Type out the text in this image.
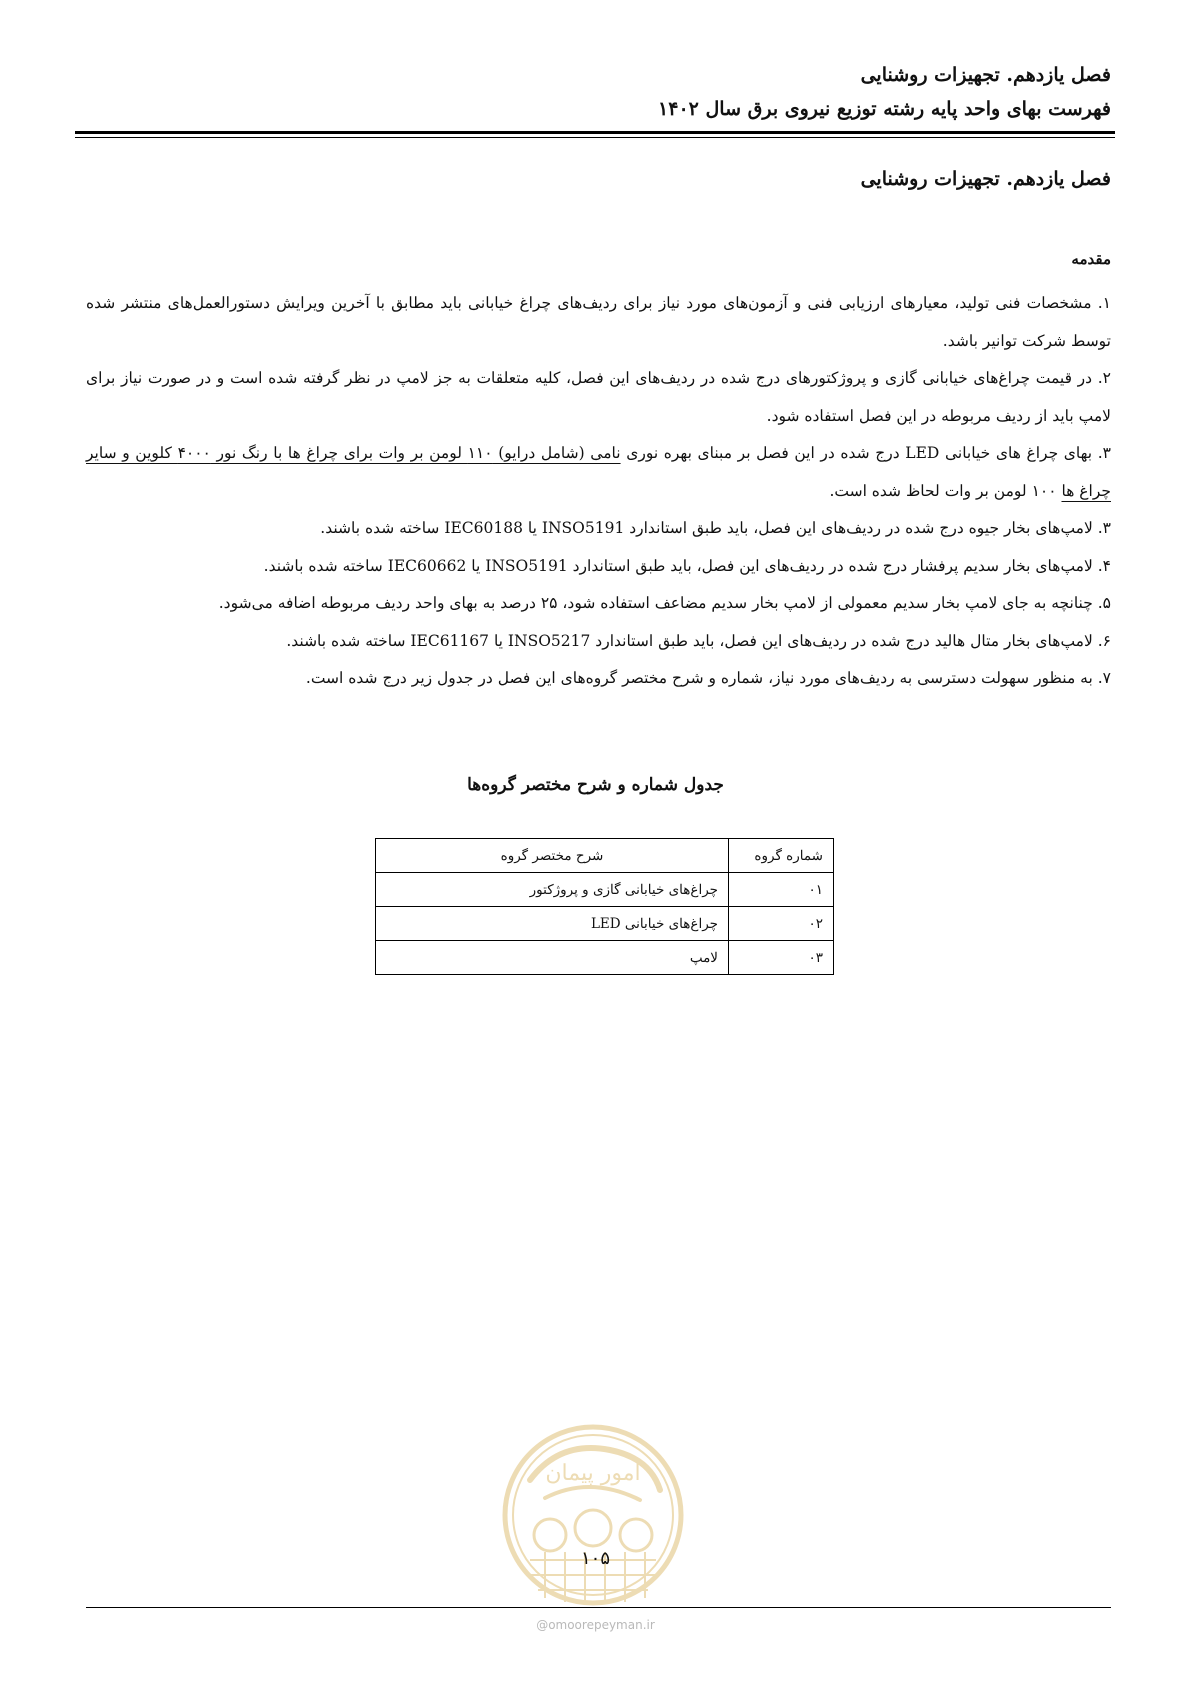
فصل یازدهم. تجهیزات روشنایی
فهرست بهای واحد پایه رشته توزیع نیروی برق سال ۱۴۰۲
فصل یازدهم. تجهیزات روشنایی
مقدمه

۱. مشخصات فنی تولید، معیارهای ارزیابی فنی و آزمون‌های مورد نیاز برای ردیف‌های چراغ خیابانی باید مطابق با آخرین ویرایش دستورالعمل‌های منتشر شده توسط شرکت توانیر باشد.

۲. در قیمت چراغ‌های خیابانی گازی و پروژکتورهای درج شده در ردیف‌های این فصل، کلیه متعلقات به جز لامپ در نظر گرفته شده است و در صورت نیاز برای لامپ باید از ردیف مربوطه در این فصل استفاده شود.

۳. بهای چراغ های خیابانی LED درج شده در این فصل بر مبنای بهره نوری نامی (شامل درایو) ۱۱۰ لومن بر وات برای چراغ ها با رنگ نور ۴۰۰۰ کلوین و سایر چراغ ها ۱۰۰ لومن بر وات لحاظ شده است.

۳. لامپ‌های بخار جیوه درج شده در ردیف‌های این فصل، باید طبق استاندارد INSO5191 یا IEC60188 ساخته شده باشند.

۴. لامپ‌های بخار سدیم پرفشار درج شده در ردیف‌های این فصل، باید طبق استاندارد INSO5191 یا IEC60662 ساخته شده باشند.

۵. چنانچه به جای لامپ بخار سدیم معمولی از لامپ بخار سدیم مضاعف استفاده شود، ۲۵ درصد به بهای واحد ردیف مربوطه اضافه می‌شود.

۶. لامپ‌های بخار متال هالید درج شده در ردیف‌های این فصل، باید طبق استاندارد INSO5217 یا IEC61167 ساخته شده باشند.

۷. به منظور سهولت دسترسی به ردیف‌های مورد نیاز، شماره و شرح مختصر گروه‌های این فصل در جدول زیر درج شده است.

جدول شماره و شرح مختصر گروه‌ها
شماره گروه	شرح مختصر گروه
۰۱	چراغ‌های خیابانی گازی و پروژکتور
۰۲	چراغ‌های خیابانی LED
۰۳	لامپ
امور پیمان
۱۰۵
@omoorepeyman.ir
